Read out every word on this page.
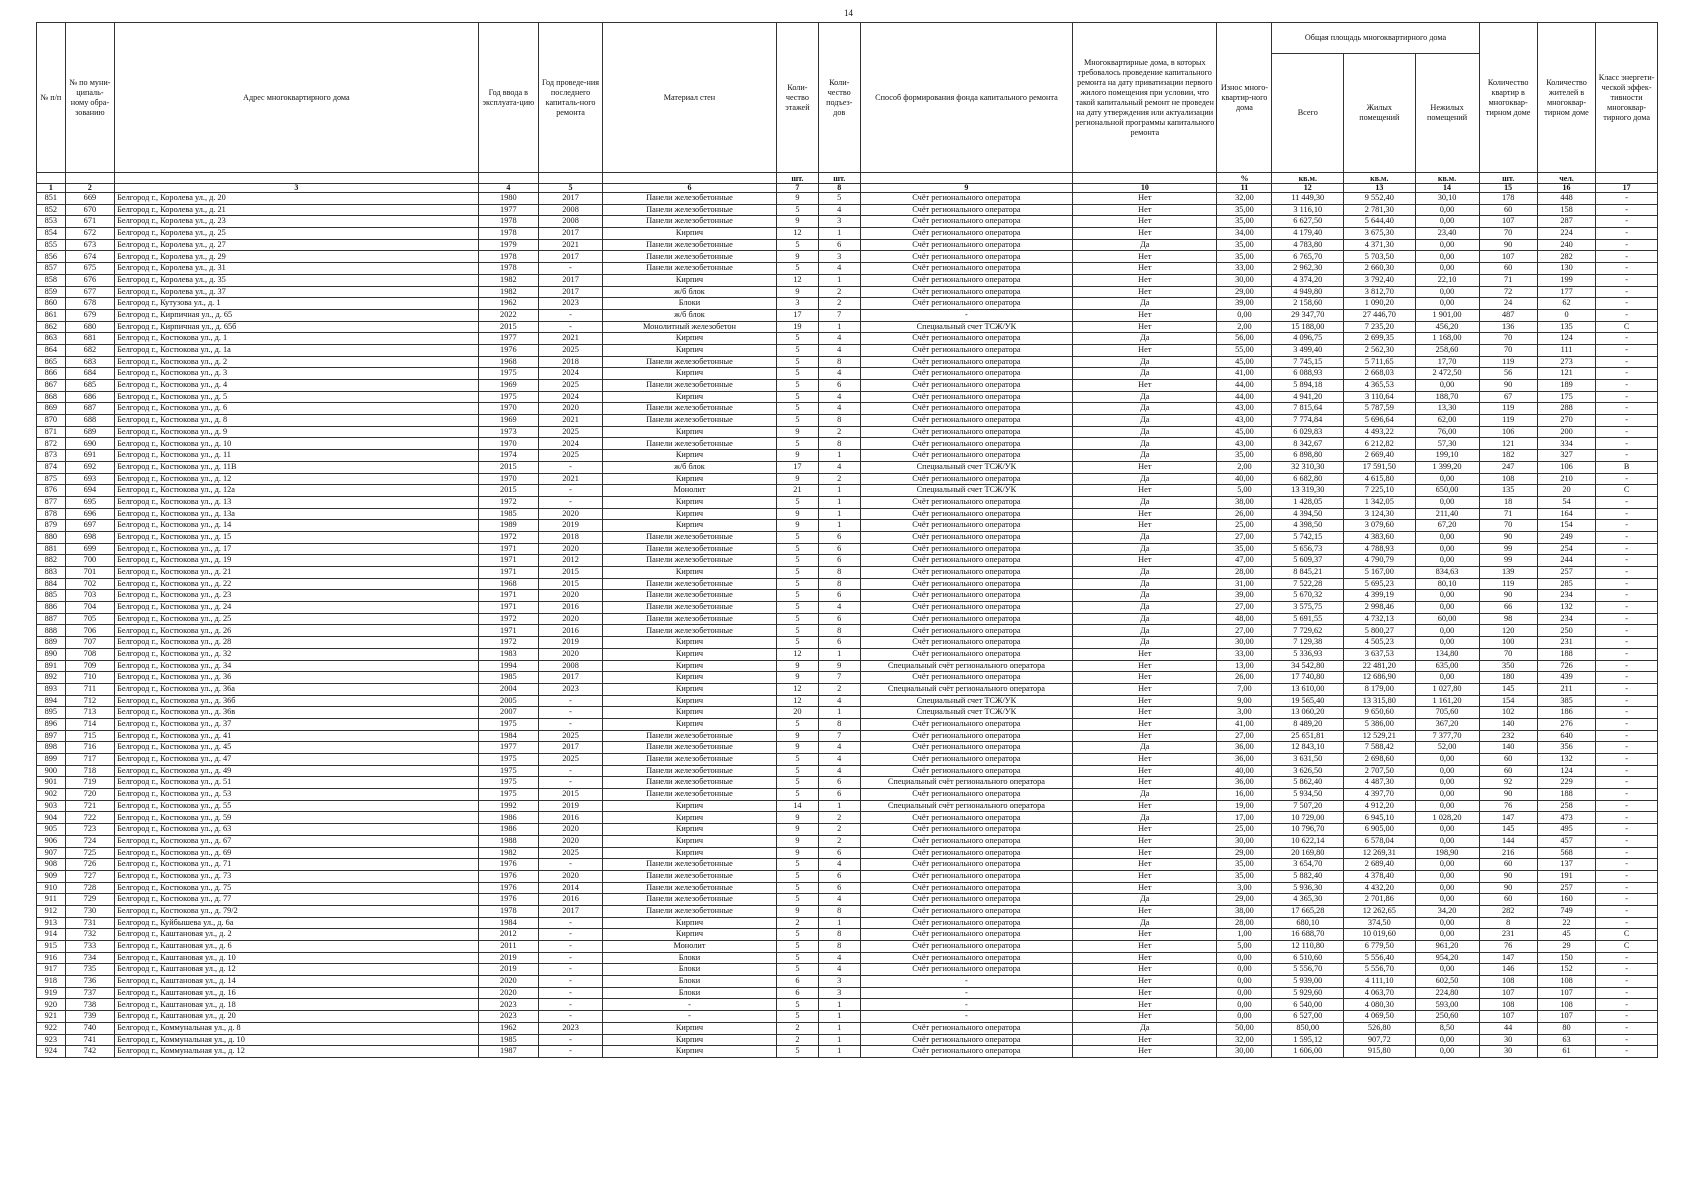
14
№ п/п	№ по муни-ципаль-ному обра-зованию	Адрес многоквартирного дома	Год ввода в эксплуата-цию	Год проведе-ния последнего капиталь-ного ремонта	Материал стен	Коли-чество этажей	Коли-чество подъез-дов	Способ формирования фонда капитального ремонта	Многоквартирные дома, в которых требовалось проведение капитального ремонта на дату приватизации первого жилого помещения при условии, что такой капитальный ремонт не проведен на дату утверждения или актуализации региональной программы капитального ремонта	Износ много-квартир-ного дома	Общая площадь многоквартирного дома			Количество квартир в многоквар-тирном доме	Количество жителей в многоквар-тирном доме	Класс энергети-ческой эффек-тивности многоквар-тирного дома
											Всего	Жилых помещений	Нежилых помещений			
						шт.	шт.			%	кв.м.	кв.м.	кв.м.	шт.	чел.	
1	2	3	4	5	6	7	8	9	10	11	12	13	14	15	16	17
851	669	Белгород г., Королева ул., д. 20	1980	2017	Панели железобетонные	9	5	Счёт регионального оператора	Нет	32,00	11 449,30	9 552,40	30,10	178	448	-
852	670	Белгород г., Королева ул., д. 21	1977	2008	Панели железобетонные	5	4	Счёт регионального оператора	Нет	35,00	3 116,10	2 781,30	0,00	60	158	-
853	671	Белгород г., Королева ул., д. 23	1978	2008	Панели железобетонные	9	3	Счёт регионального оператора	Нет	35,00	6 627,50	5 644,40	0,00	107	287	-
854	672	Белгород г., Королева ул., д. 25	1978	2017	Кирпич	12	1	Счёт регионального оператора	Нет	34,00	4 179,40	3 675,30	23,40	70	224	-
855	673	Белгород г., Королева ул., д. 27	1979	2021	Панели железобетонные	5	6	Счёт регионального оператора	Да	35,00	4 783,80	4 371,30	0,00	90	240	-
856	674	Белгород г., Королева ул., д. 29	1978	2017	Панели железобетонные	9	3	Счёт регионального оператора	Нет	35,00	6 765,70	5 703,50	0,00	107	282	-
857	675	Белгород г., Королева ул., д. 31	1978	-	Панели железобетонные	5	4	Счёт регионального оператора	Нет	33,00	2 962,30	2 660,30	0,00	60	130	-
858	676	Белгород г., Королева ул., д. 35	1982	2017	Кирпич	12	1	Счёт регионального оператора	Нет	30,00	4 374,20	3 792,40	22,10	71	199	-
859	677	Белгород г., Королева ул., д. 37	1982	2017	ж/б блок	9	2	Счёт регионального оператора	Нет	29,00	4 949,80	3 812,70	0,00	72	177	-
860	678	Белгород г., Кутузова ул., д. 1	1962	2023	Блоки	3	2	Счёт регионального оператора	Да	39,00	2 158,60	1 090,20	0,00	24	62	-
861	679	Белгород г., Кирпичная ул., д. 65	2022	-	ж/б блок	17	7	-	Нет	0,00	29 347,70	27 446,70	1 901,00	487	0	-
862	680	Белгород г., Кирпичная ул., д. 65б	2015	-	Монолитный железобетон	19	1	Специальный счет ТСЖ/УК	Нет	2,00	15 188,00	7 235,20	456,20	136	135	C
863	681	Белгород г., Костюкова ул., д. 1	1977	2021	Кирпич	5	4	Счёт регионального оператора	Да	56,00	4 096,75	2 699,35	1 168,00	70	124	-
864	682	Белгород г., Костюкова ул., д. 1а	1976	2025	Кирпич	5	4	Счёт регионального оператора	Нет	55,00	3 499,40	2 562,30	258,60	70	111	-
865	683	Белгород г., Костюкова ул., д. 2	1968	2018	Панели железобетонные	5	8	Счёт регионального оператора	Да	45,00	7 745,15	5 711,65	17,70	119	273	-
866	684	Белгород г., Костюкова ул., д. 3	1975	2024	Кирпич	5	4	Счёт регионального оператора	Да	41,00	6 088,93	2 668,03	2 472,50	56	121	-
867	685	Белгород г., Костюкова ул., д. 4	1969	2025	Панели железобетонные	5	6	Счёт регионального оператора	Нет	44,00	5 894,18	4 365,53	0,00	90	189	-
868	686	Белгород г., Костюкова ул., д. 5	1975	2024	Кирпич	5	4	Счёт регионального оператора	Да	44,00	4 941,20	3 110,64	188,70	67	175	-
869	687	Белгород г., Костюкова ул., д. 6	1970	2020	Панели железобетонные	5	4	Счёт регионального оператора	Да	43,00	7 815,64	5 787,59	13,30	119	288	-
870	688	Белгород г., Костюкова ул., д. 8	1969	2021	Панели железобетонные	5	8	Счёт регионального оператора	Да	43,00	7 774,84	5 696,64	62,00	119	270	-
871	689	Белгород г., Костюкова ул., д. 9	1973	2025	Кирпич	9	2	Счёт регионального оператора	Да	45,00	6 029,83	4 493,22	76,00	106	200	-
872	690	Белгород г., Костюкова ул., д. 10	1970	2024	Панели железобетонные	5	8	Счёт регионального оператора	Да	43,00	8 342,67	6 212,82	57,30	121	334	-
873	691	Белгород г., Костюкова ул., д. 11	1974	2025	Кирпич	9	1	Счёт регионального оператора	Да	35,00	6 898,80	2 669,40	199,10	182	327	-
874	692	Белгород г., Костюкова ул., д. 11В	2015	-	ж/б блок	17	4	Специальный счет ТСЖ/УК	Нет	2,00	32 310,30	17 591,50	1 399,20	247	106	B
875	693	Белгород г., Костюкова ул., д. 12	1970	2021	Кирпич	9	2	Счёт регионального оператора	Да	40,00	6 682,80	4 615,80	0,00	108	210	-
876	694	Белгород г., Костюкова ул., д. 12а	2015	-	Монолит	21	1	Специальный счет ТСЖ/УК	Нет	5,00	13 319,30	7 225,10	650,00	135	20	C
877	695	Белгород г., Костюкова ул., д. 13	1972	-	Кирпич	5	1	Счёт регионального оператора	Да	38,00	1 428,05	1 342,05	0,00	18	54	-
878	696	Белгород г., Костюкова ул., д. 13а	1985	2020	Кирпич	9	1	Счёт регионального оператора	Нет	26,00	4 394,50	3 124,30	211,40	71	164	-
879	697	Белгород г., Костюкова ул., д. 14	1989	2019	Кирпич	9	1	Счёт регионального оператора	Нет	25,00	4 398,50	3 079,60	67,20	70	154	-
880	698	Белгород г., Костюкова ул., д. 15	1972	2018	Панели железобетонные	5	6	Счёт регионального оператора	Да	27,00	5 742,15	4 383,60	0,00	90	249	-
881	699	Белгород г., Костюкова ул., д. 17	1971	2020	Панели железобетонные	5	6	Счёт регионального оператора	Да	35,00	5 656,73	4 788,93	0,00	99	254	-
882	700	Белгород г., Костюкова ул., д. 19	1971	2012	Панели железобетонные	5	6	Счёт регионального оператора	Нет	47,00	5 609,37	4 790,79	0,00	99	244	-
883	701	Белгород г., Костюкова ул., д. 21	1971	2015	Кирпич	5	8	Счёт регионального оператора	Да	28,00	8 845,21	5 167,00	834,63	139	257	-
884	702	Белгород г., Костюкова ул., д. 22	1968	2015	Панели железобетонные	5	8	Счёт регионального оператора	Да	31,00	7 522,28	5 695,23	80,10	119	285	-
885	703	Белгород г., Костюкова ул., д. 23	1971	2020	Панели железобетонные	5	6	Счёт регионального оператора	Да	39,00	5 670,32	4 399,19	0,00	90	234	-
886	704	Белгород г., Костюкова ул., д. 24	1971	2016	Панели железобетонные	5	4	Счёт регионального оператора	Да	27,00	3 575,75	2 998,46	0,00	66	132	-
887	705	Белгород г., Костюкова ул., д. 25	1972	2020	Панели железобетонные	5	6	Счёт регионального оператора	Да	48,00	5 691,55	4 732,13	60,00	98	234	-
888	706	Белгород г., Костюкова ул., д. 26	1971	2016	Панели железобетонные	5	8	Счёт регионального оператора	Да	27,00	7 729,62	5 800,27	0,00	120	250	-
889	707	Белгород г., Костюкова ул., д. 28	1972	2019	Кирпич	5	6	Счёт регионального оператора	Да	30,00	7 129,38	4 505,23	0,00	100	231	-
890	708	Белгород г., Костюкова ул., д. 32	1983	2020	Кирпич	12	1	Счёт регионального оператора	Нет	33,00	5 336,93	3 637,53	134,80	70	188	-
891	709	Белгород г., Костюкова ул., д. 34	1994	2008	Кирпич	9	9	Специальный счёт регионального оператора	Нет	13,00	34 542,80	22 481,20	635,00	350	726	-
892	710	Белгород г., Костюкова ул., д. 36	1985	2017	Кирпич	9	7	Счёт регионального оператора	Нет	26,00	17 740,80	12 686,90	0,00	180	439	-
893	711	Белгород г., Костюкова ул., д. 36а	2004	2023	Кирпич	12	2	Специальный счёт регионального оператора	Нет	7,00	13 610,00	8 179,00	1 027,80	145	211	-
894	712	Белгород г., Костюкова ул., д. 36б	2005	-	Кирпич	12	4	Специальный счет ТСЖ/УК	Нет	9,00	19 565,40	13 315,80	1 161,20	154	385	-
895	713	Белгород г., Костюкова ул., д. 36в	2007	-	Кирпич	20	1	Специальный счет ТСЖ/УК	Нет	3,00	13 060,20	9 650,60	705,60	102	186	-
896	714	Белгород г., Костюкова ул., д. 37	1975	-	Кирпич	5	8	Счёт регионального оператора	Нет	41,00	8 489,20	5 386,00	367,20	140	276	-
897	715	Белгород г., Костюкова ул., д. 41	1984	2025	Панели железобетонные	9	7	Счёт регионального оператора	Нет	27,00	25 651,81	12 529,21	7 377,70	232	640	-
898	716	Белгород г., Костюкова ул., д. 45	1977	2017	Панели железобетонные	9	4	Счёт регионального оператора	Да	36,00	12 843,10	7 588,42	52,00	140	356	-
899	717	Белгород г., Костюкова ул., д. 47	1975	2025	Панели железобетонные	5	4	Счёт регионального оператора	Нет	36,00	3 631,50	2 698,60	0,00	60	132	-
900	718	Белгород г., Костюкова ул., д. 49	1975	-	Панели железобетонные	5	4	Счёт регионального оператора	Нет	40,00	3 626,50	2 707,50	0,00	60	124	-
901	719	Белгород г., Костюкова ул., д. 51	1975	-	Панели железобетонные	5	6	Специальный счёт регионального оператора	Нет	36,00	5 862,40	4 487,30	0,00	92	229	-
902	720	Белгород г., Костюкова ул., д. 53	1975	2015	Панели железобетонные	5	6	Счёт регионального оператора	Да	16,00	5 934,50	4 397,70	0,00	90	188	-
903	721	Белгород г., Костюкова ул., д. 55	1992	2019	Кирпич	14	1	Специальный счёт регионального оператора	Нет	19,00	7 507,20	4 912,20	0,00	76	258	-
904	722	Белгород г., Костюкова ул., д. 59	1986	2016	Кирпич	9	2	Счёт регионального оператора	Да	17,00	10 729,00	6 945,10	1 028,20	147	473	-
905	723	Белгород г., Костюкова ул., д. 63	1986	2020	Кирпич	9	2	Счёт регионального оператора	Нет	25,00	10 796,70	6 905,00	0,00	145	495	-
906	724	Белгород г., Костюкова ул., д. 67	1988	2020	Кирпич	9	2	Счёт регионального оператора	Нет	30,00	10 622,14	6 578,04	0,00	144	457	-
907	725	Белгород г., Костюкова ул., д. 69	1982	2025	Кирпич	9	6	Счёт регионального оператора	Нет	29,00	20 169,80	12 269,31	198,90	216	568	-
908	726	Белгород г., Костюкова ул., д. 71	1976	-	Панели железобетонные	5	4	Счёт регионального оператора	Нет	35,00	3 654,70	2 689,40	0,00	60	137	-
909	727	Белгород г., Костюкова ул., д. 73	1976	2020	Панели железобетонные	5	6	Счёт регионального оператора	Нет	35,00	5 882,40	4 378,40	0,00	90	191	-
910	728	Белгород г., Костюкова ул., д. 75	1976	2014	Панели железобетонные	5	6	Счёт регионального оператора	Нет	3,00	5 936,30	4 432,20	0,00	90	257	-
911	729	Белгород г., Костюкова ул., д. 77	1976	2016	Панели железобетонные	5	4	Счёт регионального оператора	Да	29,00	4 365,30	2 701,86	0,00	60	160	-
912	730	Белгород г., Костюкова ул., д. 79/2	1978	2017	Панели железобетонные	9	8	Счёт регионального оператора	Нет	38,00	17 665,28	12 262,65	34,20	282	749	-
913	731	Белгород г., Куйбышева ул., д. 6а	1984	-	Кирпич	2	1	Счёт регионального оператора	Да	28,00	680,10	374,50	0,00	8	22	-
914	732	Белгород г., Каштановая ул., д. 2	2012	-	Кирпич	5	8	Счёт регионального оператора	Нет	1,00	16 688,70	10 019,60	0,00	231	45	C
915	733	Белгород г., Каштановая ул., д. 6	2011	-	Монолит	5	8	Счёт регионального оператора	Нет	5,00	12 110,80	6 779,50	961,20	76	29	C
916	734	Белгород г., Каштановая ул., д. 10	2019	-	Блоки	5	4	Счёт регионального оператора	Нет	0,00	6 510,60	5 556,40	954,20	147	150	-
917	735	Белгород г., Каштановая ул., д. 12	2019	-	Блоки	5	4	Счёт регионального оператора	Нет	0,00	5 556,70	5 556,70	0,00	146	152	-
918	736	Белгород г., Каштановая ул., д. 14	2020	-	Блоки	6	3	-	Нет	0,00	5 939,00	4 111,10	602,50	108	108	-
919	737	Белгород г., Каштановая ул., д. 16	2020	-	Блоки	6	3	-	Нет	0,00	5 929,60	4 063,70	224,80	107	107	-
920	738	Белгород г., Каштановая ул., д. 18	2023	-	-	5	1	-	Нет	0,00	6 540,00	4 080,30	593,00	108	108	-
921	739	Белгород г., Каштановая ул., д. 20	2023	-	-	5	1	-	Нет	0,00	6 527,00	4 069,50	250,60	107	107	-
922	740	Белгород г., Коммунальная ул., д. 8	1962	2023	Кирпич	2	1	Счёт регионального оператора	Да	50,00	850,00	526,80	8,50	44	80	-
923	741	Белгород г., Коммунальная ул., д. 10	1985	-	Кирпич	2	1	Счёт регионального оператора	Нет	32,00	1 595,12	907,72	0,00	30	63	-
924	742	Белгород г., Коммунальная ул., д. 12	1987	-	Кирпич	5	1	Счёт регионального оператора	Нет	30,00	1 606,00	915,80	0,00	30	61	-
